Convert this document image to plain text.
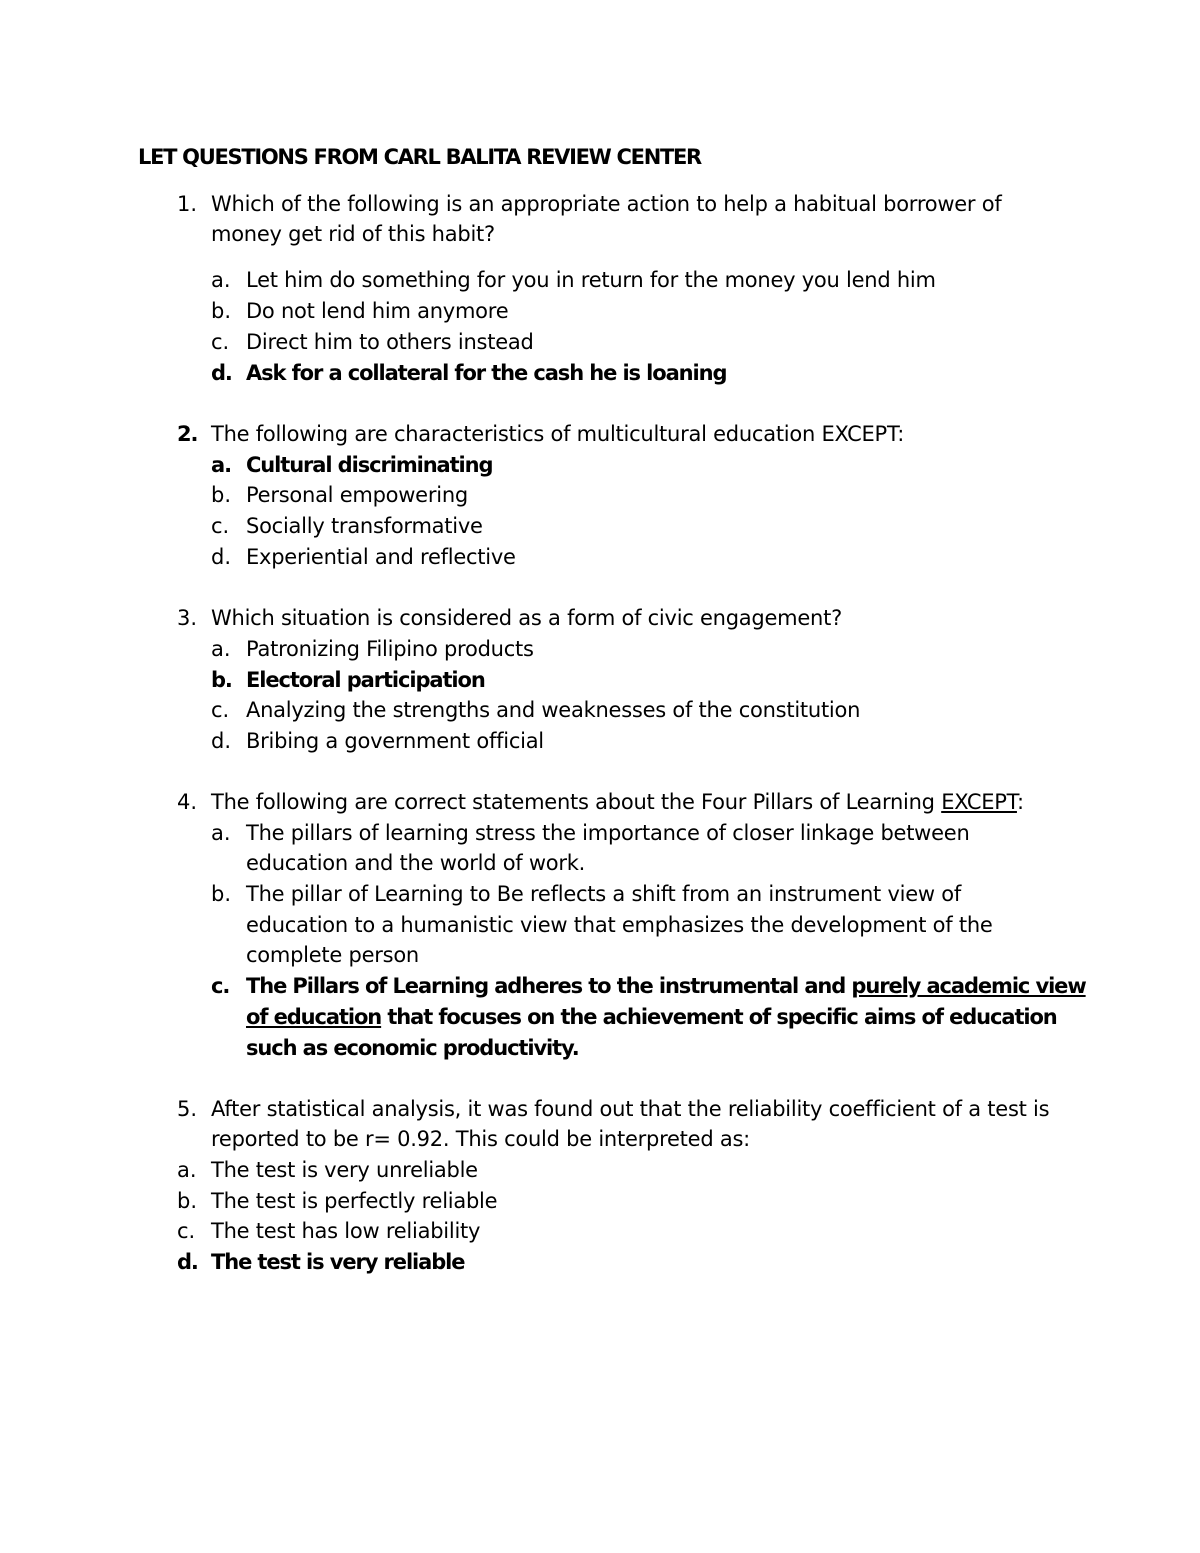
LET QUESTIONS FROM CARL BALITA REVIEW CENTER
1. Which of the following is an appropriate action to help a habitual borrower of
money get rid of this habit?
a. Let him do something for you in return for the money you lend him
b. Do not lend him anymore
c. Direct him to others instead
d. Ask for a collateral for the cash he is loaning
2. The following are characteristics of multicultural education EXCEPT:
a. Cultural discriminating
b. Personal empowering
c. Socially transformative
d. Experiential and reflective
3. Which situation is considered as a form of civic engagement?
a. Patronizing Filipino products
b. Electoral participation
c. Analyzing the strengths and weaknesses of the constitution
d. Bribing a government official
4. The following are correct statements about the Four Pillars of Learning EXCEPT:
a. The pillars of learning stress the importance of closer linkage between
education and the world of work.
b. The pillar of Learning to Be reflects a shift from an instrument view of
education to a humanistic view that emphasizes the development of the
complete person
c. The Pillars of Learning adheres to the instrumental and purely academic view
of education that focuses on the achievement of specific aims of education
such as economic productivity.
5. After statistical analysis, it was found out that the reliability coefficient of a test is
reported to be r= 0.92. This could be interpreted as:
a. The test is very unreliable
b. The test is perfectly reliable
c. The test has low reliability
d. The test is very reliable
